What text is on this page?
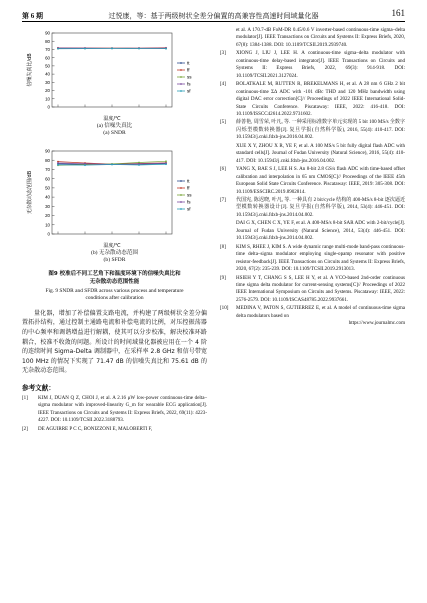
第 6 期	过悦康，等：基于两级树状全差分偏置的高兼容性高速时间域量化器	161
0
10
20
30
40
50
60
70
80
90
信噪失真比/dB
温度/℃
tt
ff
ss
fs
sf
(a) 信噪失真比
(a) SNDR
0
10
20
30
40
50
60
70
80
90
无杂散动态范围/dB
温度/℃
tt
ff
ss
fs
sf
(b) 无杂散动态范围
(b) SFDR
图9 校准后不同工艺角下和温度环境下的信噪失真比和
无杂散动态范围性能
Fig. 9 SNDR and SFDR across various process and temperature
conditions after calibration
量化器，增加了补偿偏置支路电流，并构建了两级树状全差分偏置拓扑结构，通过控制主通路电流和补偿电流的比例，对压控振荡器的中心频率和调谐增益进行解耦，使其可以分步校准，解决校准环路耦合，校准不收敛的问题。所设计的时间域量化器被应用在一个 4 阶的连续时间 Sigma-Delta 调制器中，在采样率 2.8 GHz 和信号带宽 100 MHz 的情况下实现了 71.47 dB 的信噪失真比和 75.61 dB 的无杂散动态范围。
参考文献：
[1]	KIM J, DUAN Q Z, CHOI J, et al. A 2.16 μW low-power continuous-time delta–sigma modulator with improved-linearity G_m for wearable ECG application[J]. IEEE Transactions on Circuits and Systems II: Express Briefs, 2022, 69(11): 4223-4227. DOI: 10.1109/TCSII.2022.3188793.
[2]	DE AGUIRRE P C C, BONIZZONI E, MALOBERTI F,
et al. A 170.7-dB FoM-DR 0.45/0.6 V inverter-based continuous-time sigma–delta modulator[J]. IEEE Transactions on Circuits and Systems II: Express Briefs, 2020, 67(8): 1384-1388. DOI: 10.1109/TCSII.2019.2939740.
[3]	XIONG J, LIU J, LEE H. A continuous-time sigma–delta modulator with continuous-time delay-based integrator[J]. IEEE Transactions on Circuits and Systems II: Express Briefs, 2022, 69(3): 914-918. DOI: 10.1109/TCSII.2021.3127024.
[4]	BOLATKALE M, RUTTEN R, BREKELMANS H, et al. A 28 nm 6 GHz 2 bit continuous-time ΣΔ ADC with -101 dBc THD and 120 MHz bandwidth using digital DAC error correction[C]// Proceedings of 2022 IEEE International Solid-State Circuits Conference. Piscataway: IEEE, 2022: 416-418. DOI: 10.1109/ISSCC42614.2022.9731602.
[5]	薛善艳, 周雪荣, 叶凡, 等. 一种采用标准数字单元实现的 5 bit 100 MS/s 全数字闪烁型模数转换器[J]. 复旦学报(自然科学版), 2016, 55(4): 410-417. DOI: 10.15943/j.cnki.fdxb-jns.2016.04.002.
XUE X Y, ZHOU X R, YE F, et al. A 100 MS/s 5 bit fully digital flash ADC with standard cells[J]. Journal of Fudan University (Natural Science), 2016, 55(4): 410-417. DOI: 10.15943/j.cnki.fdxb-jns.2016.04.002.
[6]	YANG X, BAE S J, LEE H S. An 8-bit 2.8 GS/s flash ADC with time-based offset calibration and interpolation in 65 nm CMOS[C]// Proceedings of the IEEE 45th European Solid State Circuits Conference. Piscataway: IEEE, 2019: 305-308. DOI: 10.1109/ESSCIRC.2019.8902814.
[7]	代国宪, 陈迟晓, 叶凡, 等. 一种具有 2 bit/cycle 结构的 400-MS/s 8-bit 逐次逼近型模数转换器设计[J]. 复旦学报(自然科学版), 2014, 53(4): 446-451. DOI: 10.15943/j.cnki.fdxb-jns.2014.04.002.
DAI G X, CHEN C X, YE F, et al. A 400-MS/s 8-bit SAR ADC with 2-bit/cycle[J]. Journal of Fudan University (Natural Science), 2014, 53(4): 446-451. DOI: 10.15943/j.cnki.fdxb-jns.2014.04.002.
[8]	KIM S, RHEE J, KIM S. A wide dynamic range multi-mode band-pass continuous-time delta–sigma modulator employing single-opamp resonator with positive resistor-feedback[J]. IEEE Transactions on Circuits and Systems II: Express Briefs, 2020, 67(2): 235-239. DOI: 10.1109/TCSII.2019.2913013.
[9]	HSIEH Y T, CHANG S S, LEE H Y, et al. A VCO-based 2nd-order continuous time sigma delta modulator for current-sensing systems[C]// Proceedings of 2022 IEEE International Symposium on Circuits and Systems. Piscataway: IEEE, 2022: 2576-2579. DOI: 10.1109/ISCAS48785.2022.9937661.
[10]	MEDINA V, PATON S, GUTIERREZ E, et al. A model of continuous-time sigma delta modulators based on
https://www.journalmc.com
